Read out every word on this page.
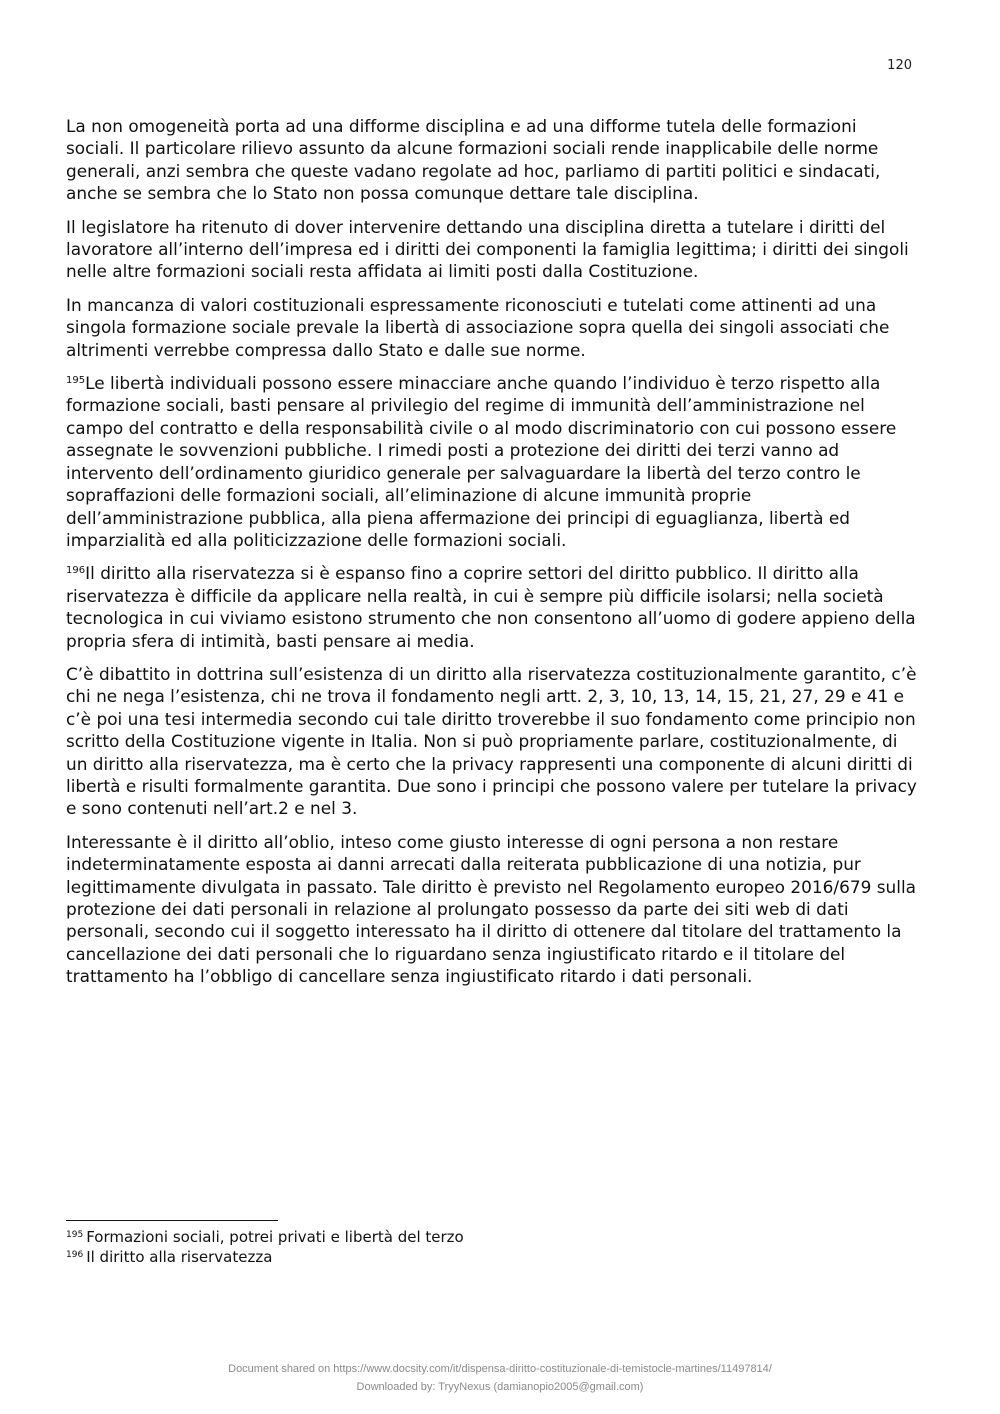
120

La non omogeneità porta ad una difforme disciplina e ad una difforme tutela delle formazioni sociali. Il particolare rilievo assunto da alcune formazioni sociali rende inapplicabile delle norme generali, anzi sembra che queste vadano regolate ad hoc, parliamo di partiti politici e sindacati, anche se sembra che lo Stato non possa comunque dettare tale disciplina.

Il legislatore ha ritenuto di dover intervenire dettando una disciplina diretta a tutelare i diritti del lavoratore all’interno dell’impresa ed i diritti dei componenti la famiglia legittima; i diritti dei singoli nelle altre formazioni sociali resta affidata ai limiti posti dalla Costituzione.

In mancanza di valori costituzionali espressamente riconosciuti e tutelati come attinenti ad una singola formazione sociale prevale la libertà di associazione sopra quella dei singoli associati che altrimenti verrebbe compressa dallo Stato e dalle sue norme.

$^{195}$Le libertà individuali possono essere minacciare anche quando l’individuo è terzo rispetto alla formazione sociali, basti pensare al privilegio del regime di immunità dell’amministrazione nel campo del contratto e della responsabilità civile o al modo discriminatorio con cui possono essere assegnate le sovvenzioni pubbliche. I rimedi posti a protezione dei diritti dei terzi vanno ad intervento dell’ordinamento giuridico generale per salvaguardare la libertà del terzo contro le sopraffazioni delle formazioni sociali, all’eliminazione di alcune immunità proprie dell’amministrazione pubblica, alla piena affermazione dei principi di eguaglianza, libertà ed imparzialità ed alla politicizzazione delle formazioni sociali.

$^{196}$Il diritto alla riservatezza si è espanso fino a coprire settori del diritto pubblico. Il diritto alla riservatezza è difficile da applicare nella realtà, in cui è sempre più difficile isolarsi; nella società tecnologica in cui viviamo esistono strumento che non consentono all’uomo di godere appieno della propria sfera di intimità, basti pensare ai media.

C’è dibattito in dottrina sull’esistenza di un diritto alla riservatezza costituzionalmente garantito, c’è chi ne nega l’esistenza, chi ne trova il fondamento negli artt. 2, 3, 10, 13, 14, 15, 21, 27, 29 e 41 e c’è poi una tesi intermedia secondo cui tale diritto troverebbe il suo fondamento come principio non scritto della Costituzione vigente in Italia. Non si può propriamente parlare, costituzionalmente, di un diritto alla riservatezza, ma è certo che la privacy rappresenti una componente di alcuni diritti di libertà e risulti formalmente garantita. Due sono i principi che possono valere per tutelare la privacy e sono contenuti nell’art.2 e nel 3.

Interessante è il diritto all’oblio, inteso come giusto interesse di ogni persona a non restare indeterminatamente esposta ai danni arrecati dalla reiterata pubblicazione di una notizia, pur legittimamente divulgata in passato. Tale diritto è previsto nel Regolamento europeo 2016/679 sulla protezione dei dati personali in relazione al prolungato possesso da parte dei siti web di dati personali, secondo cui il soggetto interessato ha il diritto di ottenere dal titolare del trattamento la cancellazione dei dati personali che lo riguardano senza ingiustificato ritardo e il titolare del trattamento ha l’obbligo di cancellare senza ingiustificato ritardo i dati personali.

$^{195}$ Formazioni sociali, potrei privati e libertà del terzo

$^{196}$ Il diritto alla riservatezza

Document shared on https://www.docsity.com/it/dispensa-diritto-costituzionale-di-temistocle-martines/11497814/
Downloaded by: TryyNexus (damianopio2005@gmail.com)
